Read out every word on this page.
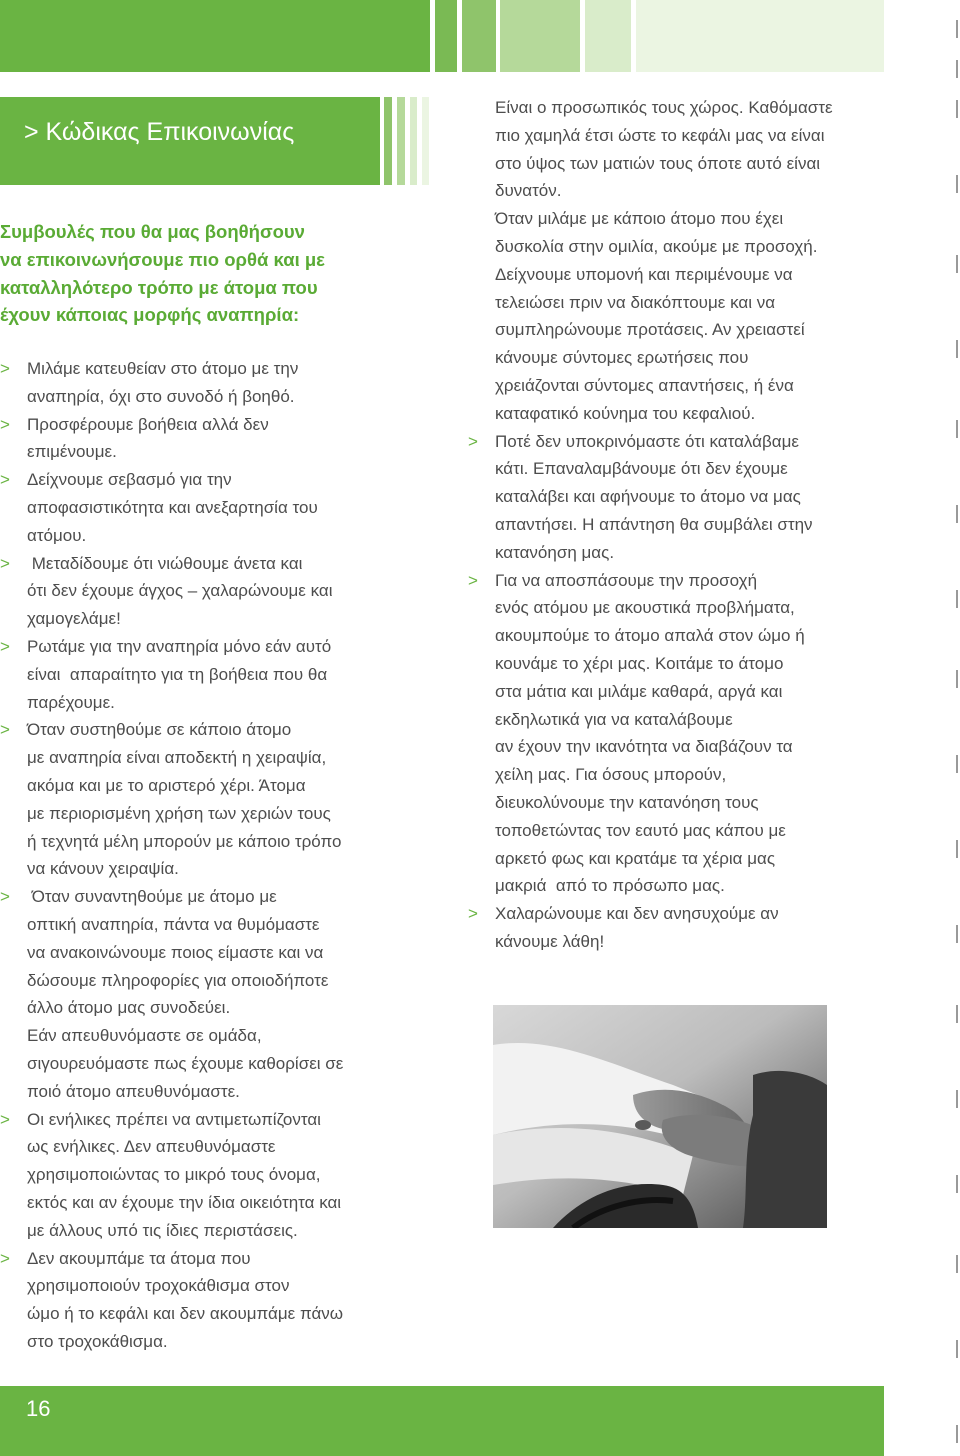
> Κώδικας Επικοινωνίας
Συμβουλές που θα μας βοηθήσουν
να επικοινωνήσουμε πιο ορθά και με
καταλληλότερο τρόπο με άτομα που
έχουν κάποιας μορφής αναπηρία:
> Μιλάμε κατευθείαν στο άτομο με την
αναπηρία, όχι στο συνοδό ή βοηθό.
> Προσφέρουμε βοήθεια αλλά δεν
επιμένουμε.
> Δείχνουμε σεβασμό για την
αποφασιστικότητα και ανεξαρτησία του
ατόμου.
> Μεταδίδουμε ότι νιώθουμε άνετα και
ότι δεν έχουμε άγχος – χαλαρώνουμε και
χαμογελάμε!
> Ρωτάμε για την αναπηρία μόνο εάν αυτό
είναι  απαραίτητο για τη βοήθεια που θα
παρέχουμε.
> Όταν συστηθούμε σε κάποιο άτομο
με αναπηρία είναι αποδεκτή η χειραψία,
ακόμα και με το αριστερό χέρι. Άτομα
με περιορισμένη χρήση των χεριών τους
ή τεχνητά μέλη μπορούν με κάποιο τρόπο
να κάνουν χειραψία.
> Όταν συναντηθούμε με άτομο με
οπτική αναπηρία, πάντα να θυμόμαστε
να ανακοινώνουμε ποιος είμαστε και να
δώσουμε πληροφορίες για οποιοδήποτε
άλλο άτομο μας συνοδεύει.
Εάν απευθυνόμαστε σε ομάδα,
σιγουρευόμαστε πως έχουμε καθορίσει σε
ποιό άτομο απευθυνόμαστε.
> Οι ενήλικες πρέπει να αντιμετωπίζονται
ως ενήλικες. Δεν απευθυνόμαστε
χρησιμοποιώντας το μικρό τους όνομα,
εκτός και αν έχουμε την ίδια οικειότητα και
με άλλους υπό τις ίδιες περιστάσεις.
> Δεν ακουμπάμε τα άτομα που
χρησιμοποιούν τροχοκάθισμα στον
ώμο ή το κεφάλι και δεν ακουμπάμε πάνω
στο τροχοκάθισμα.
Είναι ο προσωπικός τους χώρος. Καθόμαστε
πιο χαμηλά έτσι ώστε το κεφάλι μας να είναι
στο ύψος των ματιών τους όποτε αυτό είναι
δυνατόν.
Όταν μιλάμε με κάποιο άτομο που έχει
δυσκολία στην ομιλία, ακούμε με προσοχή.
Δείχνουμε υπομονή και περιμένουμε να
τελειώσει πριν να διακόπτουμε και να
συμπληρώνουμε προτάσεις. Αν χρειαστεί
κάνουμε σύντομες ερωτήσεις που
χρειάζονται σύντομες απαντήσεις, ή ένα
καταφατικό κούνημα του κεφαλιού.
> Ποτέ δεν υποκρινόμαστε ότι καταλάβαμε
κάτι. Επαναλαμβάνουμε ότι δεν έχουμε
καταλάβει και αφήνουμε το άτομο να μας
απαντήσει. Η απάντηση θα συμβάλει στην
κατανόηση μας.
> Για να αποσπάσουμε την προσοχή
ενός ατόμου με ακουστικά προβλήματα,
ακουμπούμε το άτομο απαλά στον ώμο ή
κουνάμε το χέρι μας. Κοιτάμε το άτομο
στα μάτια και μιλάμε καθαρά, αργά και
εκδηλωτικά για να καταλάβουμε
αν έχουν την ικανότητα να διαβάζουν τα
χείλη μας. Για όσους μπορούν,
διευκολύνουμε την κατανόηση τους
τοποθετώντας τον εαυτό μας κάπου με
αρκετό φως και κρατάμε τα χέρια μας
μακριά  από το πρόσωπο μας.
> Χαλαρώνουμε και δεν ανησυχούμε αν
κάνουμε λάθη!
16
